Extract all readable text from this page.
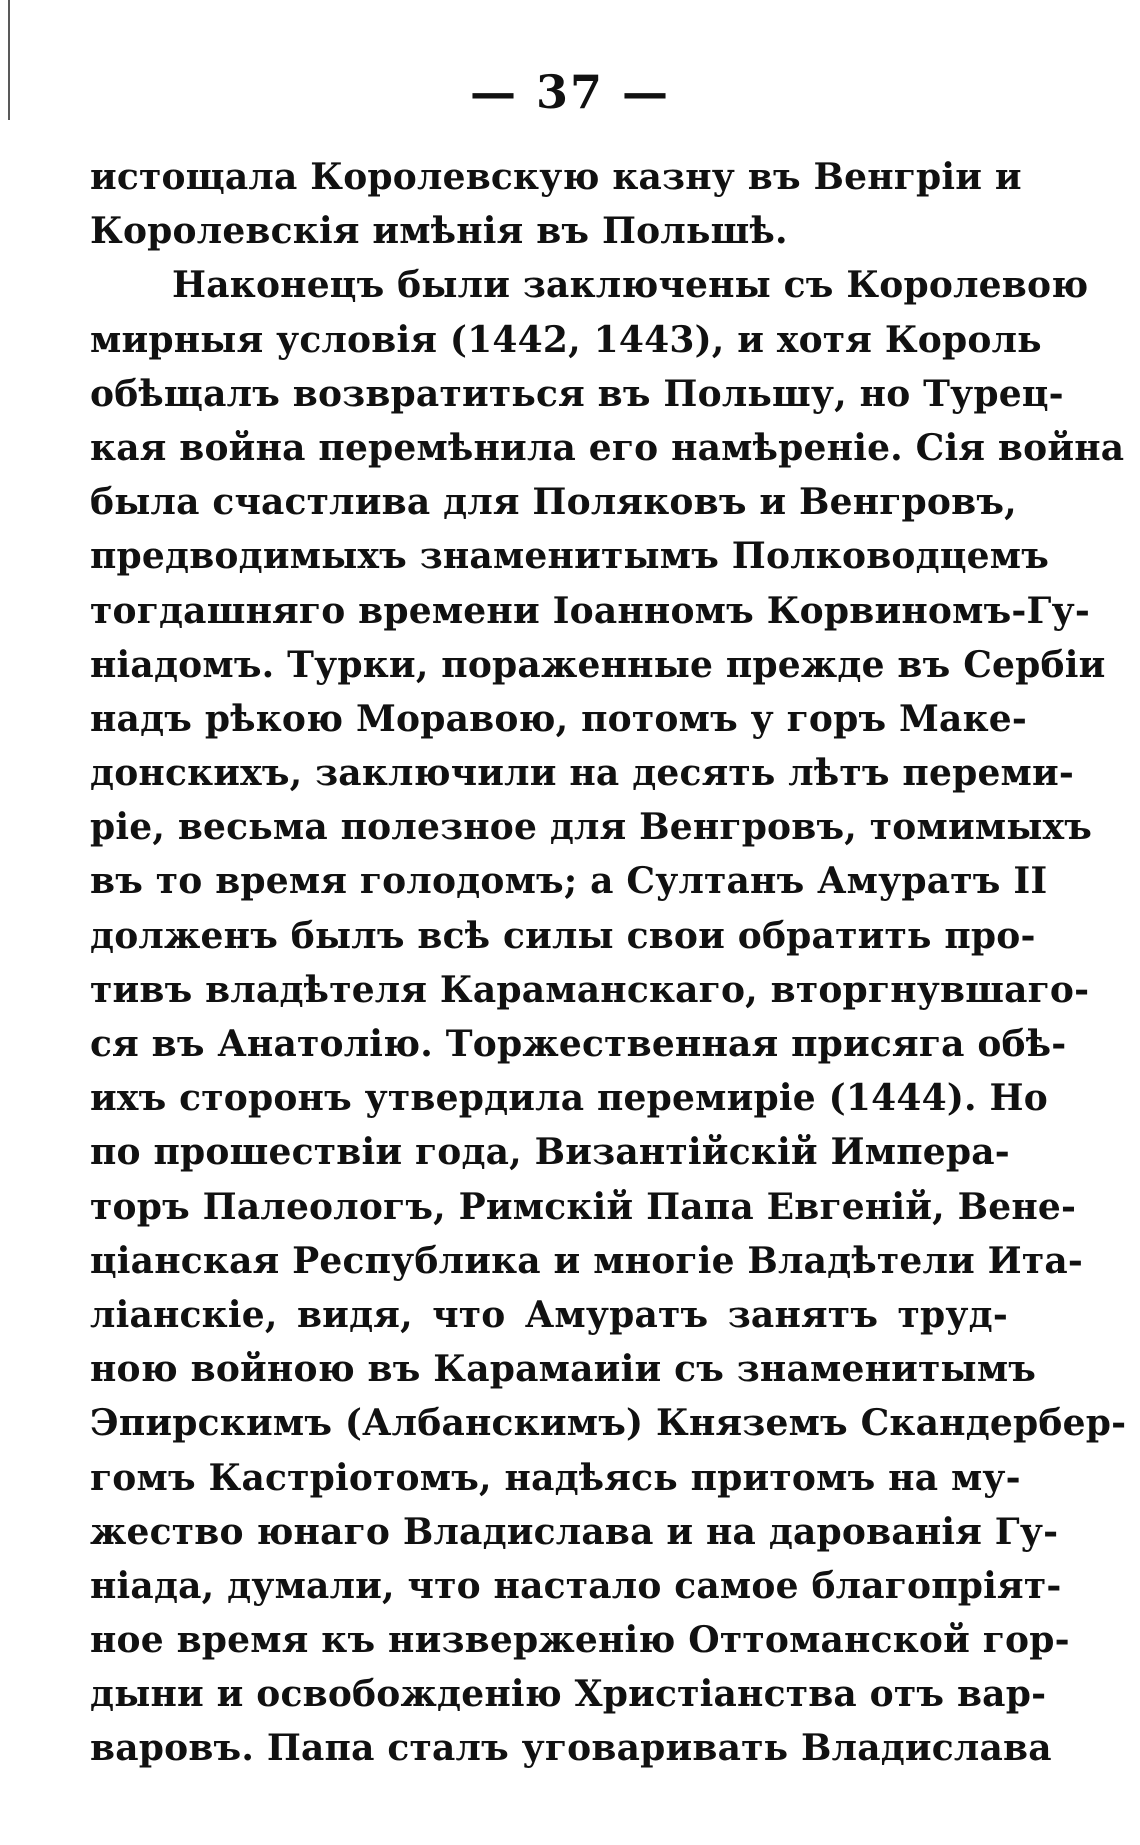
— 37 —
истощала Королевскую казну въ Венгріи и
Королевскія имѣнія въ Польшѣ.
Наконецъ были заключены съ Королевою
мирныя условія (1442, 1443), и хотя Король
обѣщалъ возвратиться въ Польшу, но Турец-
кая война перемѣнила его намѣреніе. Сія война
была счастлива для Поляковъ и Венгровъ,
предводимыхъ знаменитымъ Полководцемъ
тогдашняго времени Іоанномъ Корвиномъ-Гу-
ніадомъ. Турки, пораженные прежде въ Сербіи
надъ рѣкою Моравою, потомъ у горъ Маке-
донскихъ, заключили на десять лѣтъ переми-
ріе, весьма полезное для Венгровъ, томимыхъ
въ то время голодомъ; а Султанъ Амуратъ II
долженъ былъ всѣ силы свои обратить про-
тивъ владѣтеля Караманскаго, вторгнувшаго-
ся въ Анатолію. Торжественная присяга обѣ-
ихъ сторонъ утвердила перемиріе (1444). Но
по прошествіи года, Византійскій Импера-
торъ Палеологъ, Римскій Папа Евгеній, Вене-
ціанская Республика и многіе Владѣтели Ита-
ліанскіе, видя, что Амуратъ занятъ труд-
ною войною въ Карамаиіи съ знаменитымъ
Эпирскимъ (Албанскимъ) Княземъ Скандербер-
гомъ Кастріотомъ, надѣясь притомъ на му-
жество юнаго Владислава и на дарованія Гу-
ніада, думали, что настало самое благопріят-
ное время къ низверженію Оттоманской гор-
дыни и освобожденію Христіанства отъ вар-
варовъ. Папа сталъ уговаривать Владислава
